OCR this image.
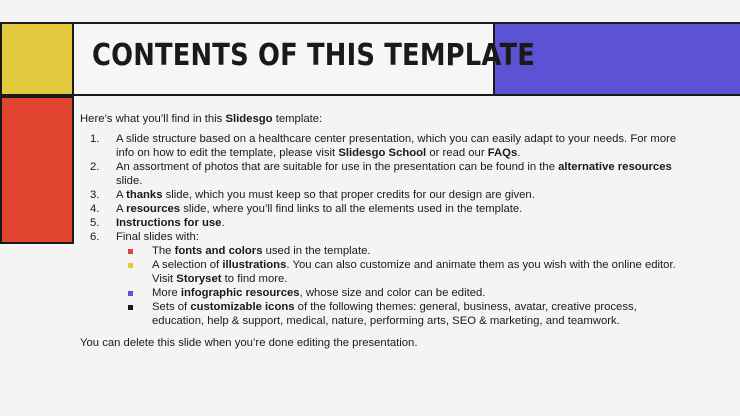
CONTENTS OF THIS TEMPLATE

Here’s what you’ll find in this Slidesgo template:

1. A slide structure based on a healthcare center presentation, which you can easily adapt to your needs. For more info on how to edit the template, please visit Slidesgo School or read our FAQs.
2. An assortment of photos that are suitable for use in the presentation can be found in the alternative resources slide.
3. A thanks slide, which you must keep so that proper credits for our design are given.
4. A resources slide, where you’ll find links to all the elements used in the template.
5. Instructions for use.
6. Final slides with:
The fonts and colors used in the template.
A selection of illustrations. You can also customize and animate them as you wish with the online editor. Visit Storyset to find more.
More infographic resources, whose size and color can be edited.
Sets of customizable icons of the following themes: general, business, avatar, creative process, education, help & support, medical, nature, performing arts, SEO & marketing, and teamwork.

You can delete this slide when you’re done editing the presentation.
